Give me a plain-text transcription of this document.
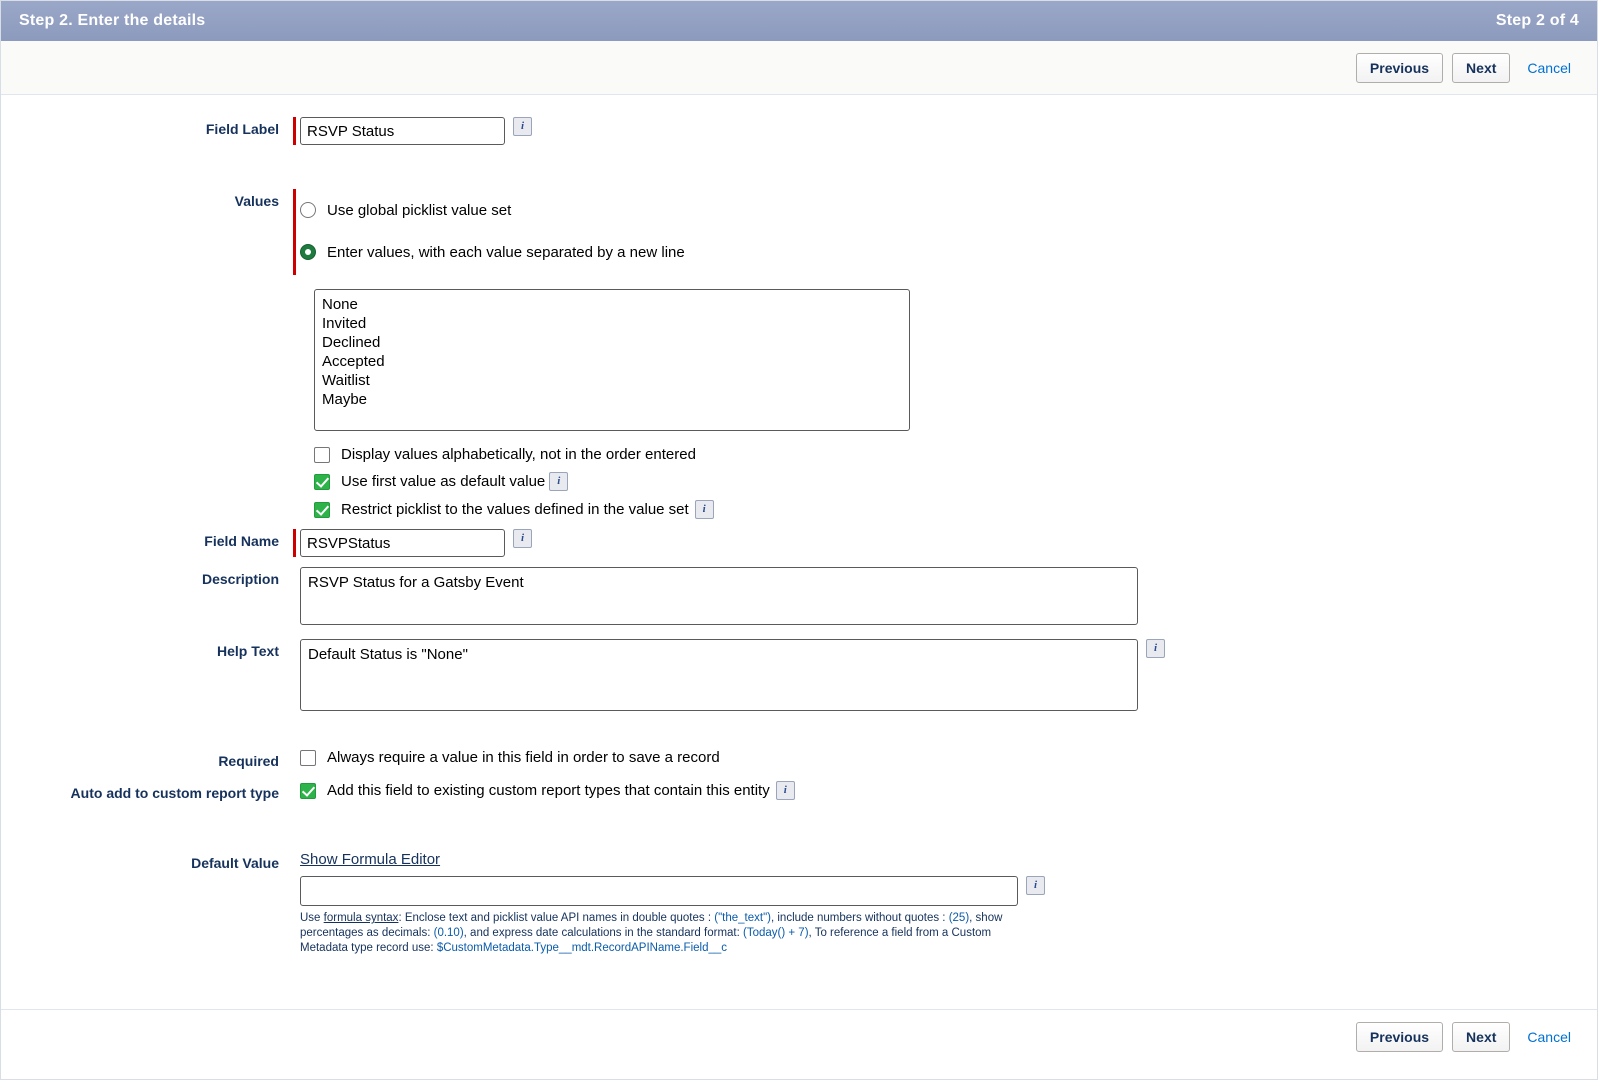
Step 2. Enter the details	Step 2 of 4
Previous	Next	Cancel
Field Label
RSVP Status	i
Values
Use global picklist value set
Enter values, with each value separated by a new line
None Invited Declined Accepted Waitlist Maybe
Display values alphabetically, not in the order entered
Use first value as default value	i
Restrict picklist to the values defined in the value set	i
Field Name
RSVPStatus	i
Description
RSVP Status for a Gatsby Event
Help Text
Default Status is "None"	i
Required	Always require a value in this field in order to save a record
Auto add to custom report type	Add this field to existing custom report types that contain this entity	i
Default Value	Show Formula Editor
i
Use formula syntax: Enclose text and picklist value API names in double quotes : ("the_text"), include numbers without quotes : (25), show percentages as decimals: (0.10), and express date calculations in the standard format: (Today() + 7), To reference a field from a Custom Metadata type record use: $CustomMetadata.Type__mdt.RecordAPIName.Field__c
Previous	Next	Cancel
